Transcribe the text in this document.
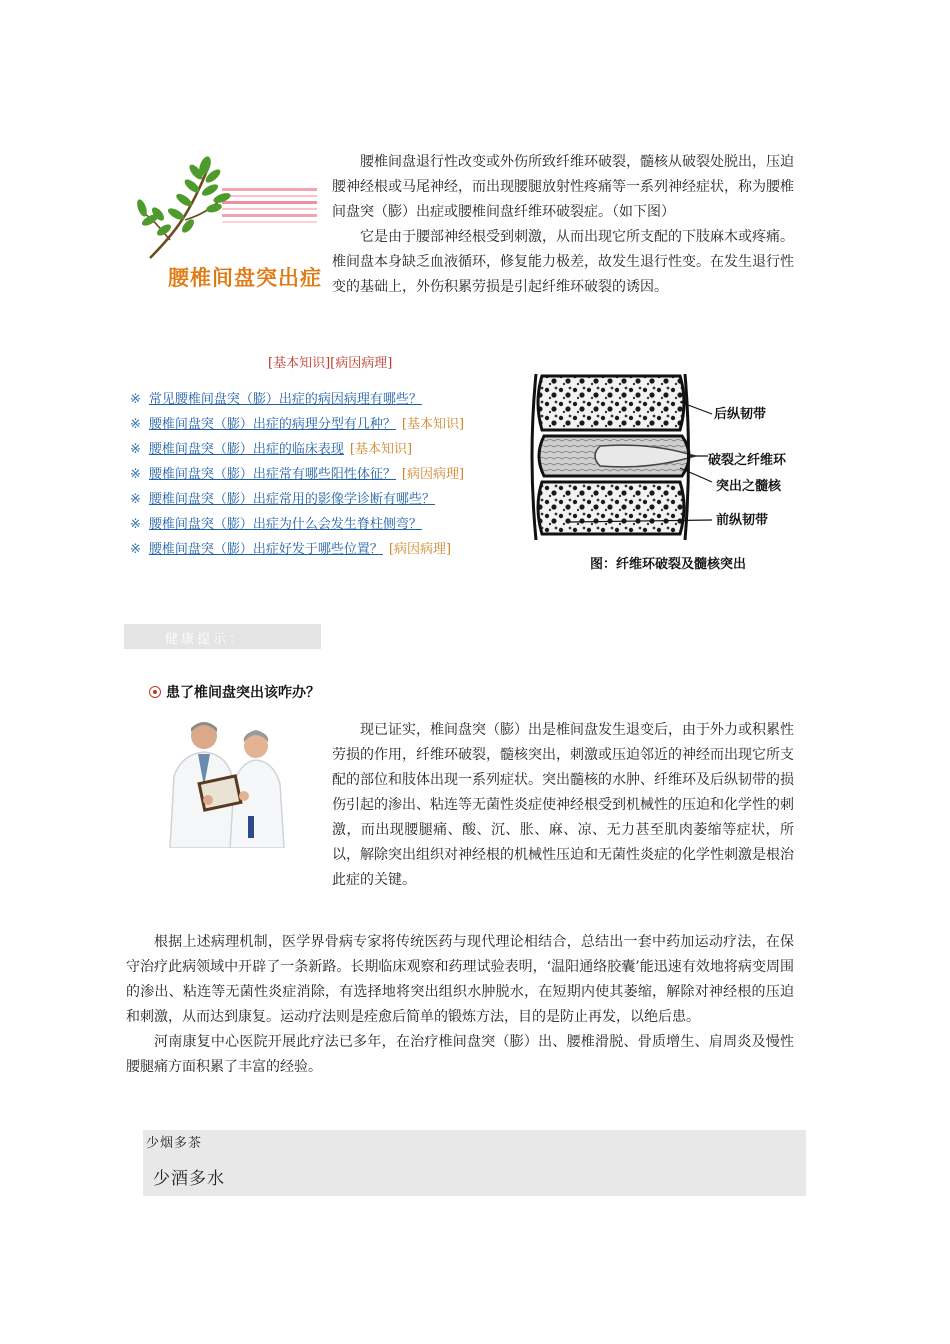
腰椎间盘突出症

腰椎间盘退行性改变或外伤所致纤维环破裂，髓核从破裂处脱出，压迫腰神经根或马尾神经，而出现腰腿放射性疼痛等一系列神经症状，称为腰椎间盘突（膨）出症或腰椎间盘纤维环破裂症。（如下图）

它是由于腰部神经根受到刺激，从而出现它所支配的下肢麻木或疼痛。椎间盘本身缺乏血液循环，修复能力极差，故发生退行性变。在发生退行性变的基础上，外伤积累劳损是引起纤维环破裂的诱因。

[基本知识][病因病理]
※ 常见腰椎间盘突（膨）出症的病因病理有哪些？
※ 腰椎间盘突（膨）出症的病理分型有几种？ [基本知识]
※ 腰椎间盘突（膨）出症的临床表现 [基本知识]
※ 腰椎间盘突（膨）出症常有哪些阳性体征？ [病因病理]
※ 腰椎间盘突（膨）出症常用的影像学诊断有哪些？
※ 腰椎间盘突（膨）出症为什么会发生脊柱侧弯？
※ 腰椎间盘突（膨）出症好发于哪些位置？ [病因病理]
后纵韧带
破裂之纤维环
突出之髓核
前纵韧带
图：纤维环破裂及髓核突出
健康提示：
患了椎间盘突出该咋办？

现已证实，椎间盘突（膨）出是椎间盘发生退变后，由于外力或积累性劳损的作用，纤维环破裂，髓核突出，刺激或压迫邻近的神经而出现它所支配的部位和肢体出现一系列症状。突出髓核的水肿、纤维环及后纵韧带的损伤引起的渗出、粘连等无菌性炎症使神经根受到机械性的压迫和化学性的刺激，而出现腰腿痛、酸、沉、胀、麻、凉、无力甚至肌肉萎缩等症状，所以，解除突出组织对神经根的机械性压迫和无菌性炎症的化学性刺激是根治此症的关键。

根据上述病理机制，医学界骨病专家将传统医药与现代理论相结合，总结出一套中药加运动疗法，在保守治疗此病领域中开辟了一条新路。长期临床观察和药理试验表明，‘温阳通络胶囊’能迅速有效地将病变周围的渗出、粘连等无菌性炎症消除，有选择地将突出组织水肿脱水，在短期内使其萎缩，解除对神经根的压迫和刺激，从而达到康复。运动疗法则是痊愈后简单的锻炼方法，目的是防止再发，以绝后患。

河南康复中心医院开展此疗法已多年，在治疗椎间盘突（膨）出、腰椎滑脱、骨质增生、肩周炎及慢性腰腿痛方面积累了丰富的经验。

少烟多茶
少酒多水
